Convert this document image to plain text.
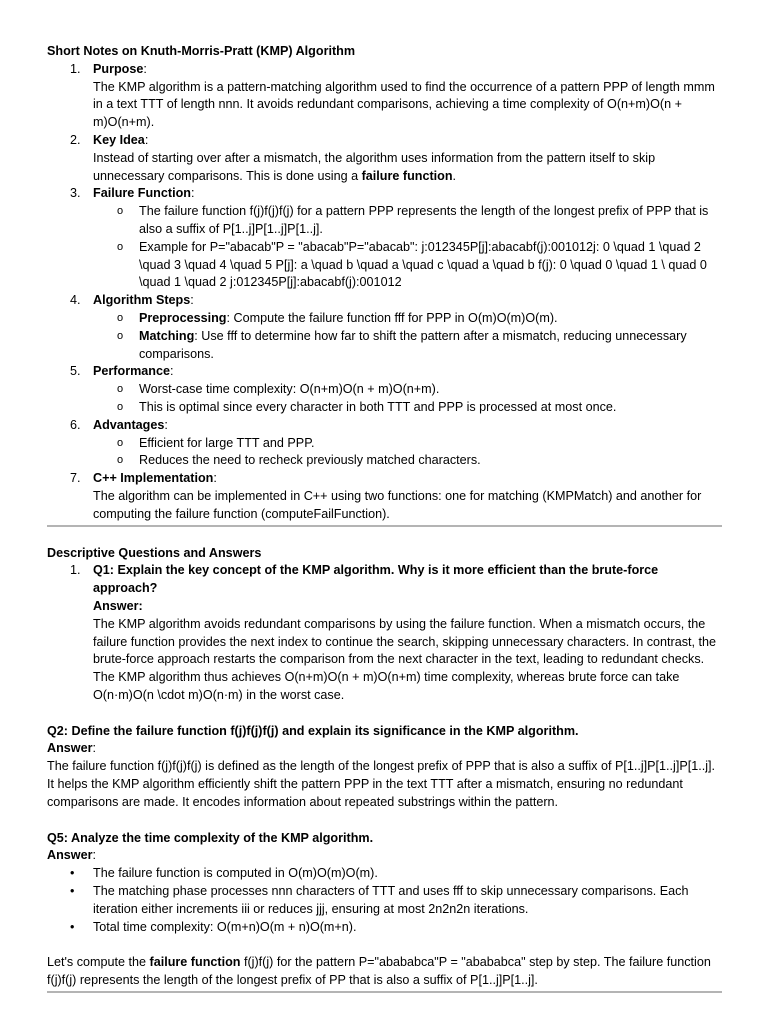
Short Notes on Knuth-Morris-Pratt (KMP) Algorithm
1. Purpose:
The KMP algorithm is a pattern-matching algorithm used to find the occurrence of a pattern PPP of length mmm in a text TTT of length nnn. It avoids redundant comparisons, achieving a time complexity of O(n+m)O(n + m)O(n+m).
2. Key Idea:
Instead of starting over after a mismatch, the algorithm uses information from the pattern itself to skip unnecessary comparisons. This is done using a failure function.
3. Failure Function:
o The failure function f(j)f(j)f(j) for a pattern PPP represents the length of the longest prefix of PPP that is also a suffix of P[1..j]P[1..j]P[1..j].
o Example for P="abacab"P = "abacab"P="abacab": j:012345P[j]:abacabf(j):001012j: 0 \quad 1 \quad 2 \quad 3 \quad 4 \quad 5 P[j]: a \quad b \quad a \quad c \quad a \quad b f(j): 0 \quad 0 \quad 1 \ quad 0 \quad 1 \quad 2 j:012345P[j]:abacabf(j):001012
4. Algorithm Steps:
o Preprocessing: Compute the failure function fff for PPP in O(m)O(m)O(m).
o Matching: Use fff to determine how far to shift the pattern after a mismatch, reducing unnecessary comparisons.
5. Performance:
o Worst-case time complexity: O(n+m)O(n + m)O(n+m).
o This is optimal since every character in both TTT and PPP is processed at most once.
6. Advantages:
o Efficient for large TTT and PPP.
o Reduces the need to recheck previously matched characters.
7. C++ Implementation:
The algorithm can be implemented in C++ using two functions: one for matching (KMPMatch) and another for computing the failure function (computeFailFunction).
Descriptive Questions and Answers
1. Q1: Explain the key concept of the KMP algorithm. Why is it more efficient than the brute-force approach?
Answer:
The KMP algorithm avoids redundant comparisons by using the failure function. When a mismatch occurs, the failure function provides the next index to continue the search, skipping unnecessary characters. In contrast, the brute-force approach restarts the comparison from the next character in the text, leading to redundant checks. The KMP algorithm thus achieves O(n+m)O(n + m)O(n+m) time complexity, whereas brute force can take O(n·m)O(n \cdot m)O(n·m) in the worst case.
Q2: Define the failure function f(j)f(j)f(j) and explain its significance in the KMP algorithm.
Answer:
The failure function f(j)f(j)f(j) is defined as the length of the longest prefix of PPP that is also a suffix of P[1..j]P[1..j]P[1..j]. It helps the KMP algorithm efficiently shift the pattern PPP in the text TTT after a mismatch, ensuring no redundant comparisons are made. It encodes information about repeated substrings within the pattern.
Q5: Analyze the time complexity of the KMP algorithm.
Answer:
• The failure function is computed in O(m)O(m)O(m).
• The matching phase processes nnn characters of TTT and uses fff to skip unnecessary comparisons. Each iteration either increments iii or reduces jjj, ensuring at most 2n2n2n iterations.
• Total time complexity: O(m+n)O(m + n)O(m+n).
Let's compute the failure function f(j)f(j) for the pattern P="abababca"P = "abababca" step by step. The failure function f(j)f(j) represents the length of the longest prefix of PP that is also a suffix of P[1..j]P[1..j].
